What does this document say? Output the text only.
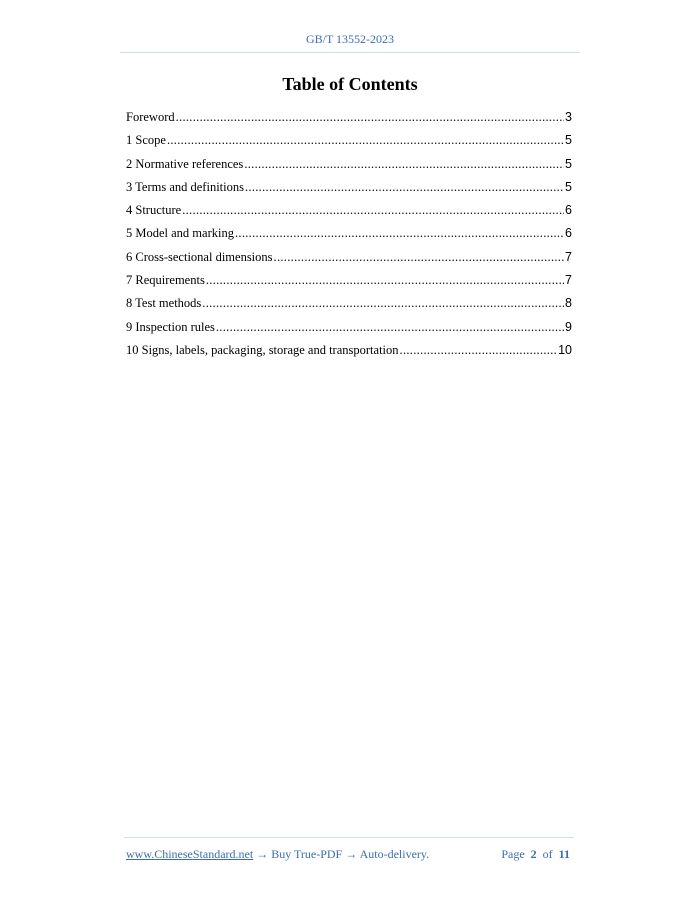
GB/T 13552-2023
Table of Contents
Foreword .....	3
1 Scope .....	5
2 Normative references .....	5
3 Terms and definitions .....	5
4 Structure .....	6
5 Model and marking .....	6
6 Cross-sectional dimensions .....	7
7 Requirements .....	7
8 Test methods .....	8
9 Inspection rules .....	9
10 Signs, labels, packaging, storage and transportation .....	10
www.ChineseStandard.net → Buy True-PDF → Auto-delivery.	Page 2 of 11
